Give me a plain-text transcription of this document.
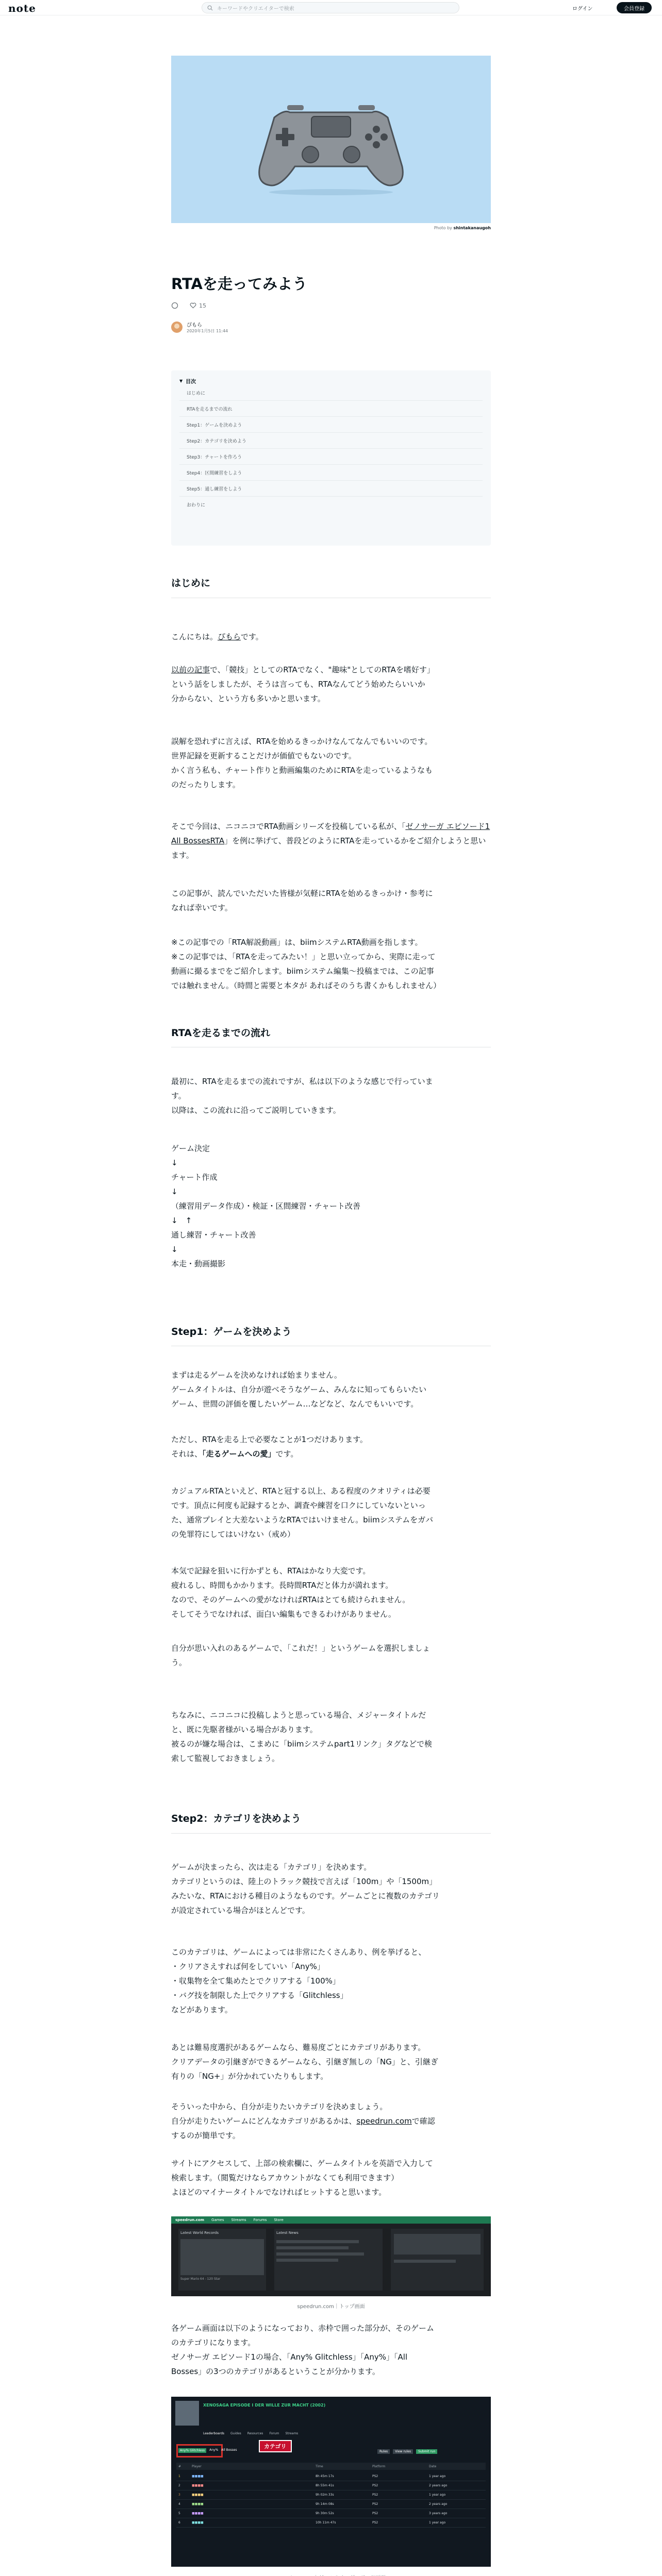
note	キーワードやクリエイターで検索	ログイン	会員登録
Photo by shintakanaugoh
RTAを走ってみよう
15
ぴもら
2020年1月5日 11:44
▼ 目次
はじめに
RTAを走るまでの流れ
Step1：ゲームを決めよう
Step2：カテゴリを決めよう
Step3：チャートを作ろう
Step4：区間練習をしよう
Step5：通し練習をしよう
おわりに
はじめに
こんにちは。ぴもらです。
以前の記事で、「競技」としてのRTAでなく、"趣味"としてのRTAを嗜好す」
という話をしましたが、そうは言っても、RTAなんてどう始めたらいいか
分からない、という方も多いかと思います。
誤解を恐れずに言えば、RTAを始めるきっかけなんてなんでもいいのです。
世界記録を更新することだけが価値でもないのです。
かく言う私も、チャート作りと動画編集のためにRTAを走っているようなも
のだったりします。
そこで今回は、ニコニコでRTA動画シリーズを投稿している私が、「ゼノサーガ エピソード1 All BossesRTA」を例に挙げて、普段どのようにRTAを走っているかをご紹介しようと思います。
この記事が、読んでいただいた皆様が気軽にRTAを始めるきっかけ・参考に
なれば幸いです。
※この記事での「RTA解説動画」は、biimシステムRTA動画を指します。
※この記事では、「RTAを走ってみたい！」と思い立ってから、実際に走って
動画に撮るまでをご紹介します。biimシステム編集〜投稿までは、この記事
では触れません。（時間と需要と本タが あればそのうち書くかもしれません）
RTAを走るまでの流れ
最初に、RTAを走るまでの流れですが、私は以下のような感じで行っていま
す。
以降は、この流れに沿ってご説明していきます。
ゲーム決定
↓
チャート作成
↓
（練習用データ作成）・検証・区間練習・チャート改善
↓　↑
通し練習・チャート改善
↓
本走・動画撮影
Step1：ゲームを決めよう
まずは走るゲームを決めなければ始まりません。
ゲームタイトルは、自分が遊べそうなゲーム、みんなに知ってもらいたい
ゲーム、世間の評価を覆したいゲーム…などなど、なんでもいいです。
ただし、RTAを走る上で必要なことが1つだけあります。
それは、「走るゲームへの愛」です。
カジュアルRTAといえど、RTAと冠する以上、ある程度のクオリティは必要
です。頂点に何度も記録するとか、調査や練習を口クにしていないといっ
た、通常プレイと大差ないようなRTAではいけません。biimシステムをガバ
の免罪符にしてはいけない（戒め）
本気で記録を狙いに行かずとも、RTAはかなり大変です。
疲れるし、時間もかかります。長時間RTAだと体力が満れます。
なので、そのゲームへの愛がなければRTAはとても続けられません。
そしてそうでなければ、面白い編集もできるわけがありません。
自分が思い入れのあるゲームで、「これだ！」というゲームを選択しましょ
う。
ちなみに、ニコニコに投稿しようと思っている場合、メジャータイトルだ
と、既に先駆者様がいる場合があります。
被るのが嫌な場合は、こまめに「biimシステムpart1リンク」タグなどで検
索して監視しておきましょう。
Step2：カテゴリを決めよう
ゲームが決まったら、次は走る「カテゴリ」を決めます。
カテゴリというのは、陸上のトラック競技で言えば「100m」や「1500m」
みたいな、RTAにおける種目のようなものです。ゲームごとに複数のカテゴリ
が設定されている場合がほとんどです。
このカテゴリは、ゲームによっては非常にたくさんあり、例を挙げると、
・クリアさえすれば何をしていい「Any%」
・収集物を全て集めたとでクリアする「100%」
・バグ技を制限した上でクリアする「Glitchless」
などがあります。
あとは難易度選択があるゲームなら、難易度ごとにカテゴリがあります。
クリアデータの引継ぎができるゲームなら、引継ぎ無しの「NG」と、引継ぎ
有りの「NG+」が分かれていたりもします。
そういった中から、自分が走りたいカテゴリを決めましょう。
自分が走りたいゲームにどんなカテゴリがあるかは、speedrun.comで確認
するのが簡単です。
サイトにアクセスして、上部の検索欄に、ゲームタイトルを英語で入力して
検索します。（閲覧だけならアカウントがなくても利用できます）
よほどのマイナータイトルでなければヒットすると思います。
speedrun.com Games Streams Forums Store
Latest World Records
Super Mario 64 - 120 Star
Latest News
speedrun.com｜トップ画面
各ゲーム画面は以下のようになっており、赤枠で囲った部分が、そのゲーム
のカテゴリになります。
ゼノサーガ エピソード1の場合、「Any% Glitchless」「Any%」「All
Bosses」の3つのカテゴリがあるということが分かります。
XENOSAGA EPISODE I DER WILLE ZUR MACHT (2002)
Leaderboards Guides Resources Forum Streams
Any% Glitchless	Any% All Bosses
カテゴリ
Rules	View rules	Submit run
#	Player	Time	Platform	Date
1	■■■■	8h 45m 17s	PS2	1 year ago
2	■■■■	8h 55m 41s	PS2	2 years ago
3	■■■■	9h 02m 33s	PS2	1 year ago
4	■■■■	9h 14m 08s	PS2	2 years ago
5	■■■■	9h 30m 52s	PS2	3 years ago
6	■■■■	10h 11m 47s	PS2	1 year ago
